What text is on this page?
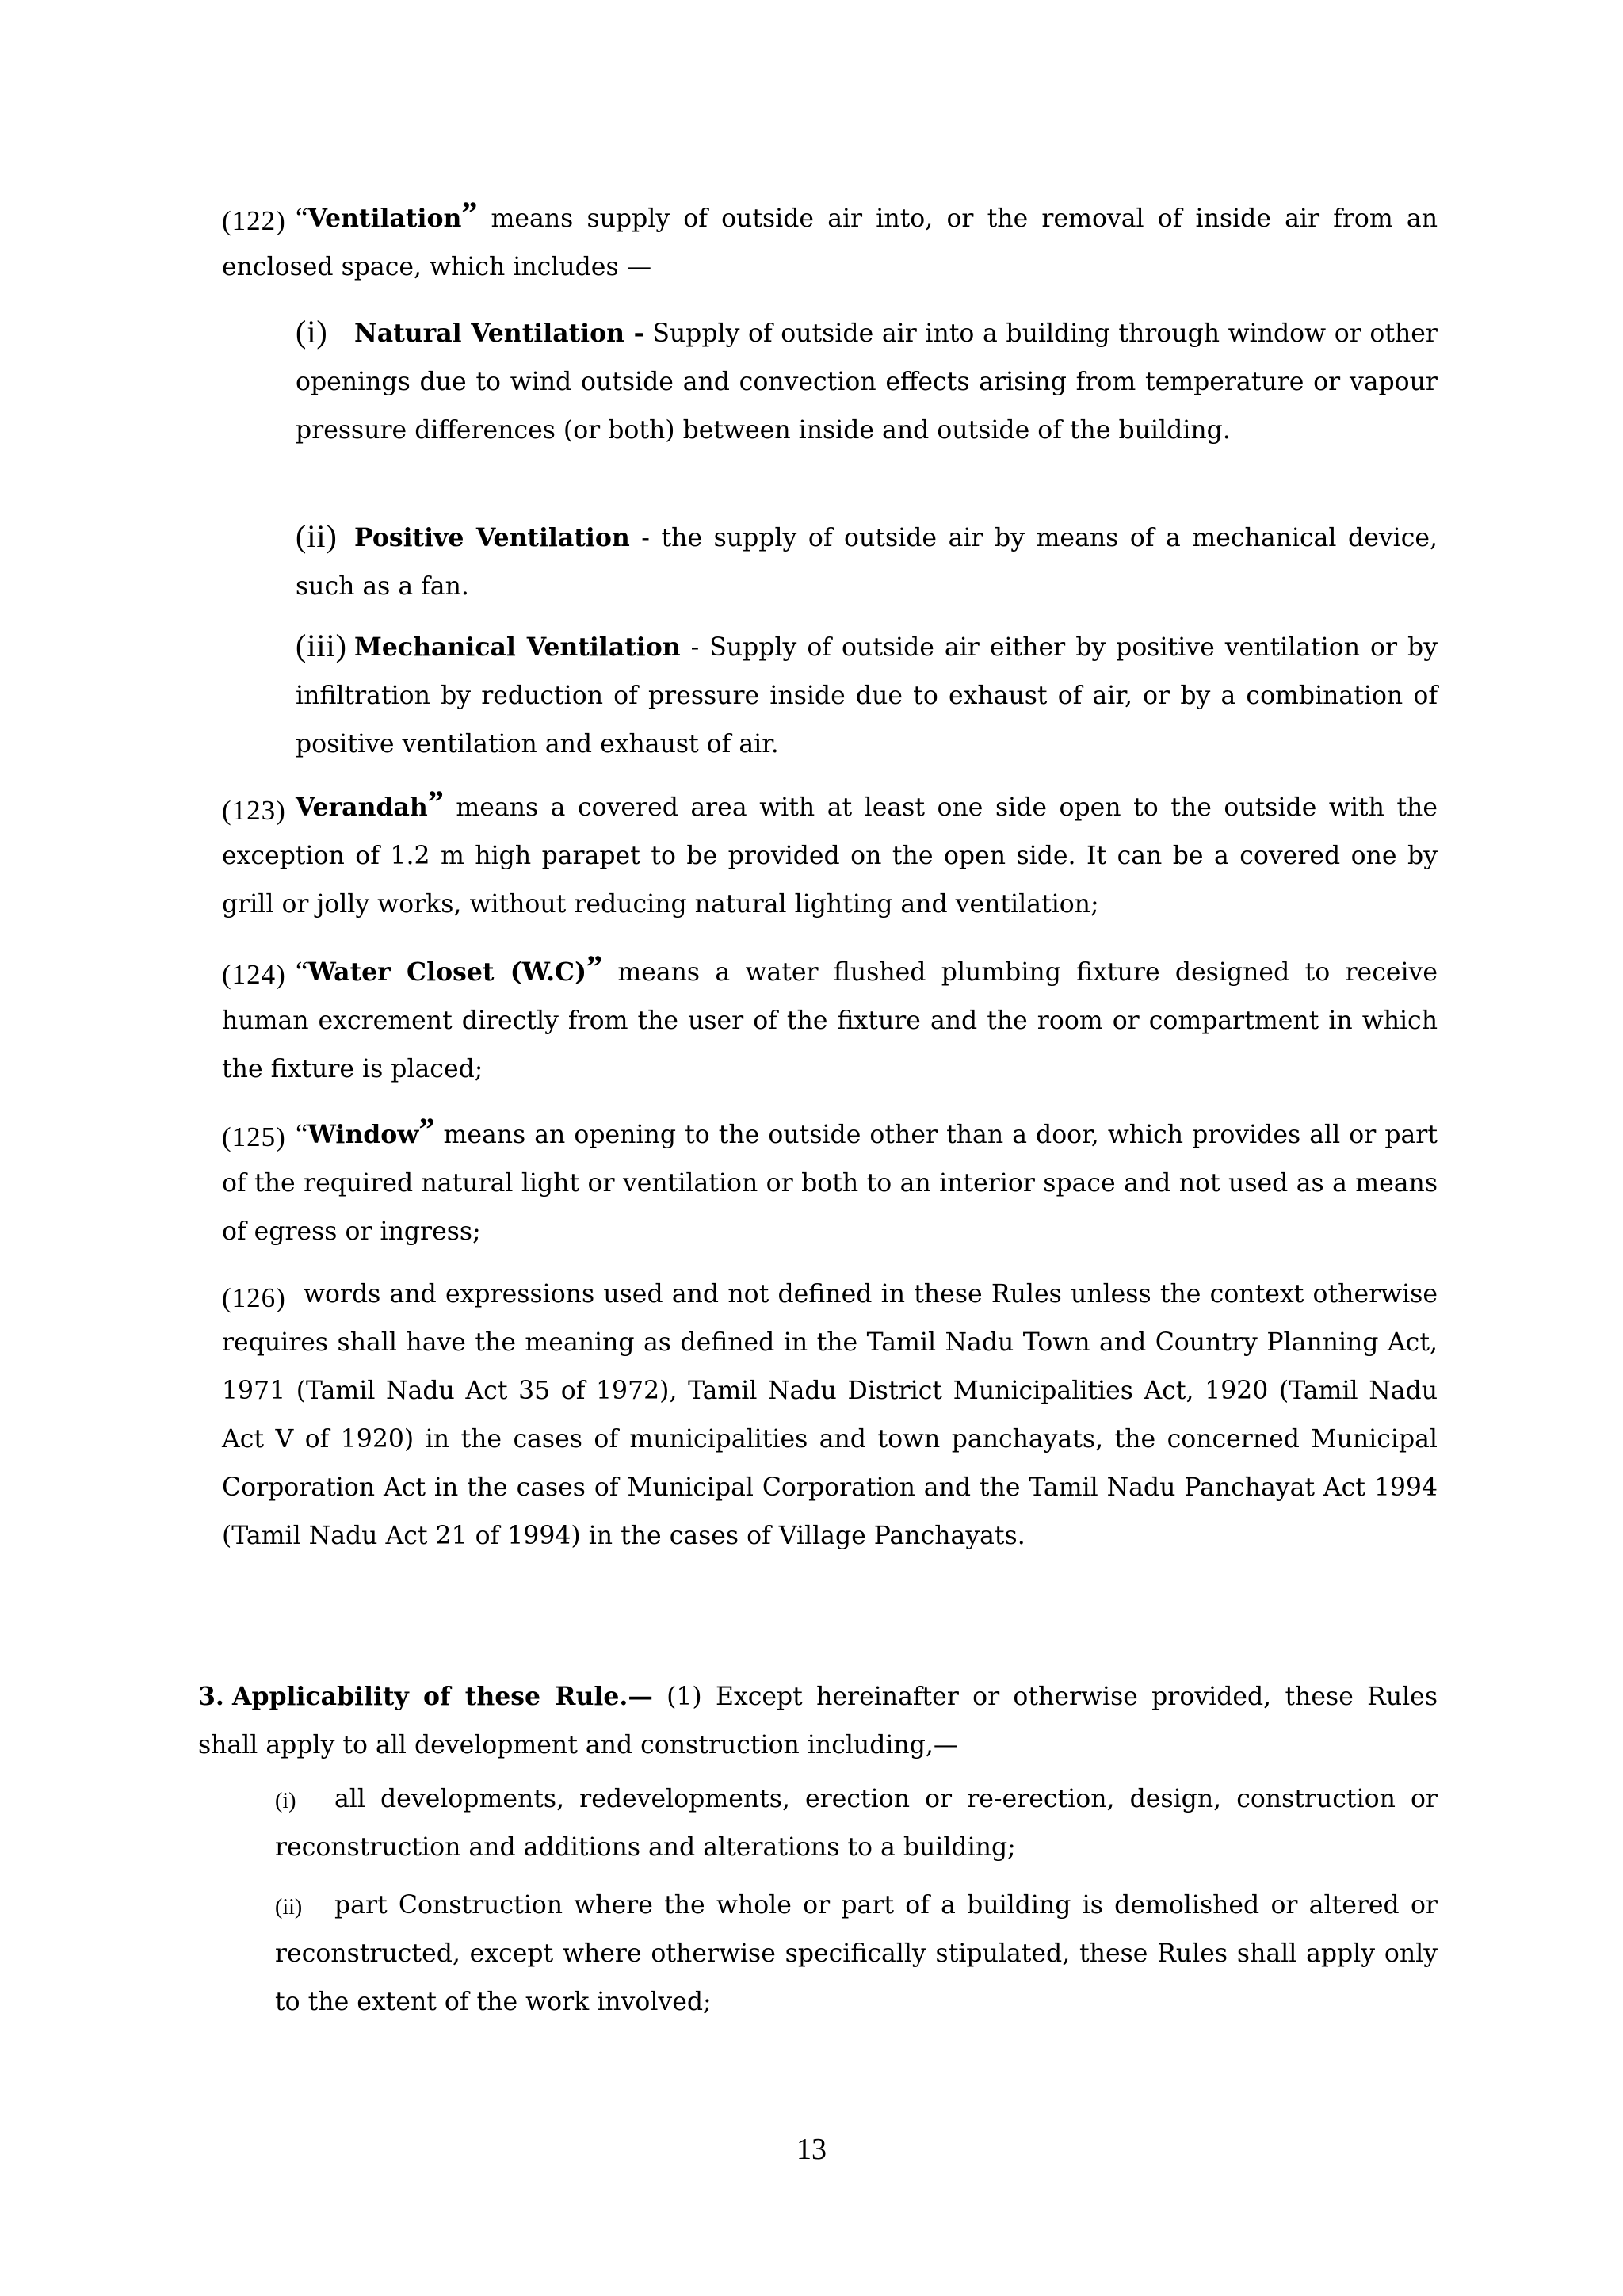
(122) “Ventilation” means supply of outside air into, or the removal of inside air from an enclosed space, which includes —
(i)	Natural Ventilation - Supply of outside air into a building through window or other openings due to wind outside and convection effects arising from temperature or vapour pressure differences (or both) between inside and outside of the building.
(ii) Positive Ventilation - the supply of outside air by means of a mechanical device, such as a fan.
(iii) Mechanical Ventilation - Supply of outside air either by positive ventilation or by infiltration by reduction of pressure inside due to exhaust of air, or by a combination of positive ventilation and exhaust of air.
(123) Verandah” means a covered area with at least one side open to the outside with the exception of 1.2 m high parapet to be provided on the open side. It can be a covered one by grill or jolly works, without reducing natural lighting and ventilation;
(124) “Water Closet (W.C)” means a water flushed plumbing fixture designed to receive human excrement directly from the user of the fixture and the room or compartment in which the fixture is placed;
(125) “Window” means an opening to the outside other than a door, which provides all or part of the required natural light or ventilation or both to an interior space and not used as a means of egress or ingress;
(126) words and expressions used and not defined in these Rules unless the context otherwise requires shall have the meaning as defined in the Tamil Nadu Town and Country Planning Act, 1971 (Tamil Nadu Act 35 of 1972), Tamil Nadu District Municipalities Act, 1920 (Tamil Nadu Act V of 1920) in the cases of municipalities and town panchayats, the concerned Municipal Corporation Act in the cases of Municipal Corporation and the Tamil Nadu Panchayat Act 1994 (Tamil Nadu Act 21 of 1994) in the cases of Village Panchayats.
3. Applicability of these Rule.— (1) Except hereinafter or otherwise provided, these Rules shall apply to all development and construction including,—
(i)	all developments, redevelopments, erection or re-erection, design, construction or reconstruction and additions and alterations to a building;
(ii)	part Construction where the whole or part of a building is demolished or altered or reconstructed, except where otherwise specifically stipulated, these Rules shall apply only to the extent of the work involved;
13
